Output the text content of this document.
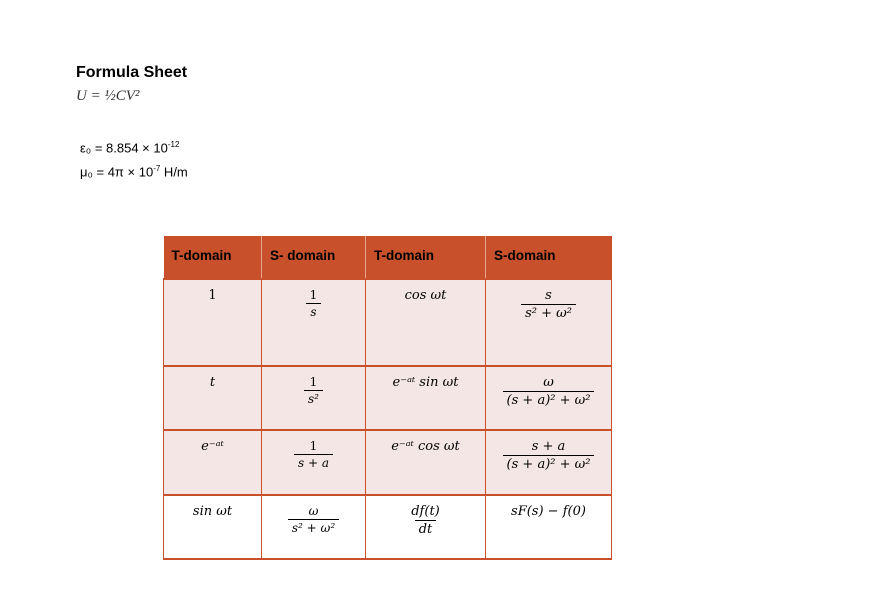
Formula Sheet
U = ½CV²
$\varepsilon_0 = 8.854 \times 10^{-12}$
$\mu_0 = 4\pi \times 10^{-7}$ H/m
T-domain	S- domain	T-domain	S-domain
1	$\frac{1}{s}$	cos ωt	$\frac{s}{\text{s² + ω²}}$

t	$\frac{1}{\text{s²}}$	e⁻ᵃᵗ sin ωt	$\frac{\omega}{\text{(s + a)² + ω²}}$

e⁻ᵃᵗ	$\frac{1}{s + a}$	e⁻ᵃᵗ cos ωt	$\frac{s + a}{\text{(s + a)² + ω²}}$

sin ωt	$\frac{\omega}{\text{s² + ω²}}$	$\frac{df(t)}{dt}$	sF(s) − f(0)
